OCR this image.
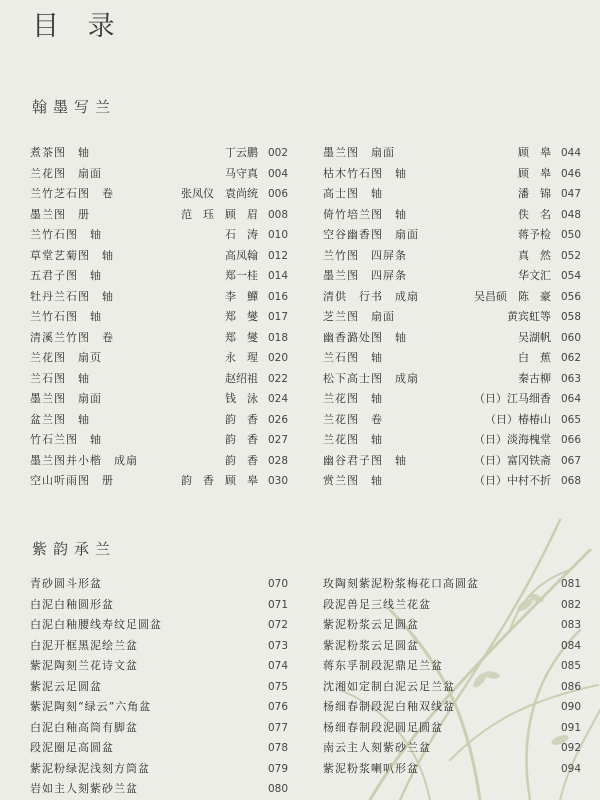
目 录
翰墨写兰
煮茶图　轴	丁云鹏 002
兰花图　扇面	马守真 004
兰竹芝石图　卷	张凤仪　袁尚统 006
墨兰图　册	范　珏　顾　眉 008
兰竹石图　轴	石　涛 010
草堂艺菊图　轴	高凤翰 012
五君子图　轴	郑一桂 014
牡丹兰石图　轴	李　鱓 016
兰竹石图　轴	郑　燮 017
清溪兰竹图　卷	郑　燮 018
兰花图　扇页	永　瑆 020
兰石图　轴	赵绍祖 022
墨兰图　扇面	钱　泳 024
盆兰图　轴	韵　香 026
竹石兰图　轴	韵　香 027
墨兰图并小楷　成扇	韵　香 028
空山听雨图　册	韵　香　顾　皋 030
墨兰图　扇面	顾　皋 044
枯木竹石图　轴	顾　皋 046
高士图　轴	潘　锦 047
倚竹培兰图　轴	佚　名 048
空谷幽香图　扇面	蒋予检 050
兰竹图　四屏条	真　然 052
墨兰图　四屏条	华文汇 054
清供　行书　成扇	吴昌硕　陈　豪 056
芝兰图　扇面	黄宾虹等 058
幽香潞处图　轴	吴湖帆 060
兰石图　轴	白　蕉 062
松下高士图　成扇	秦古柳 063
兰花图　轴	（日）江马细香 064
兰花图　卷	（日）椿椿山 065
兰花图　轴	（日）淡海槐堂 066
幽谷君子图　轴	（日）富冈铁斋 067
赏兰图　轴	（日）中村不折 068
紫韵承兰
青砂圆斗形盆	070
白泥白釉圆形盆	071
白泥白釉腰线寿纹足圆盆	072
白泥开框黑泥绘兰盆	073
紫泥陶刻兰花诗文盆	074
紫泥云足圆盆	075
紫泥陶刻“绿云”六角盆	076
白泥白釉高筒有脚盆	077
段泥圈足高圆盆	078
紫泥粉绿泥浅刻方筒盆	079
岩如主人刻紫砂兰盆	080
玫陶刻紫泥粉浆梅花口高圆盆	081
段泥兽足三线兰花盆	082
紫泥粉浆云足圆盆	083
紫泥粉浆云足圆盆	084
蒋东孚制段泥鼎足兰盆	085
沈湘如定制白泥云足兰盆	086
杨细春制段泥白釉双线盆	090
杨细春制段泥圆足圆盆	091
南云主人刻紫砂兰盆	092
紫泥粉浆喇叭形盆	094
